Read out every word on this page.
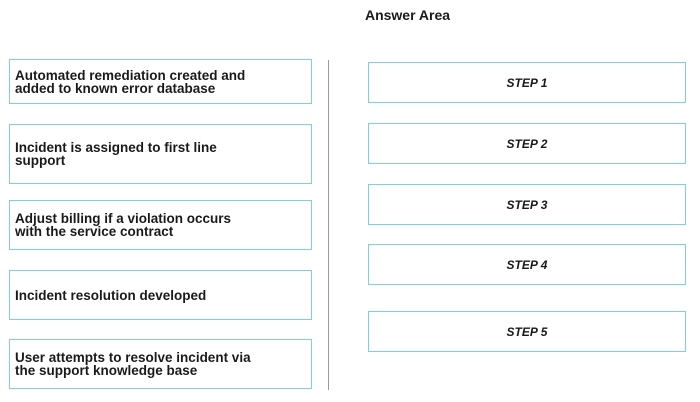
Answer Area
Automated remediation created and
added to known error database
Incident is assigned to first line
support
Adjust billing if a violation occurs
with the service contract
Incident resolution developed
User attempts to resolve incident via
the support knowledge base
STEP 1
STEP 2
STEP 3
STEP 4
STEP 5
